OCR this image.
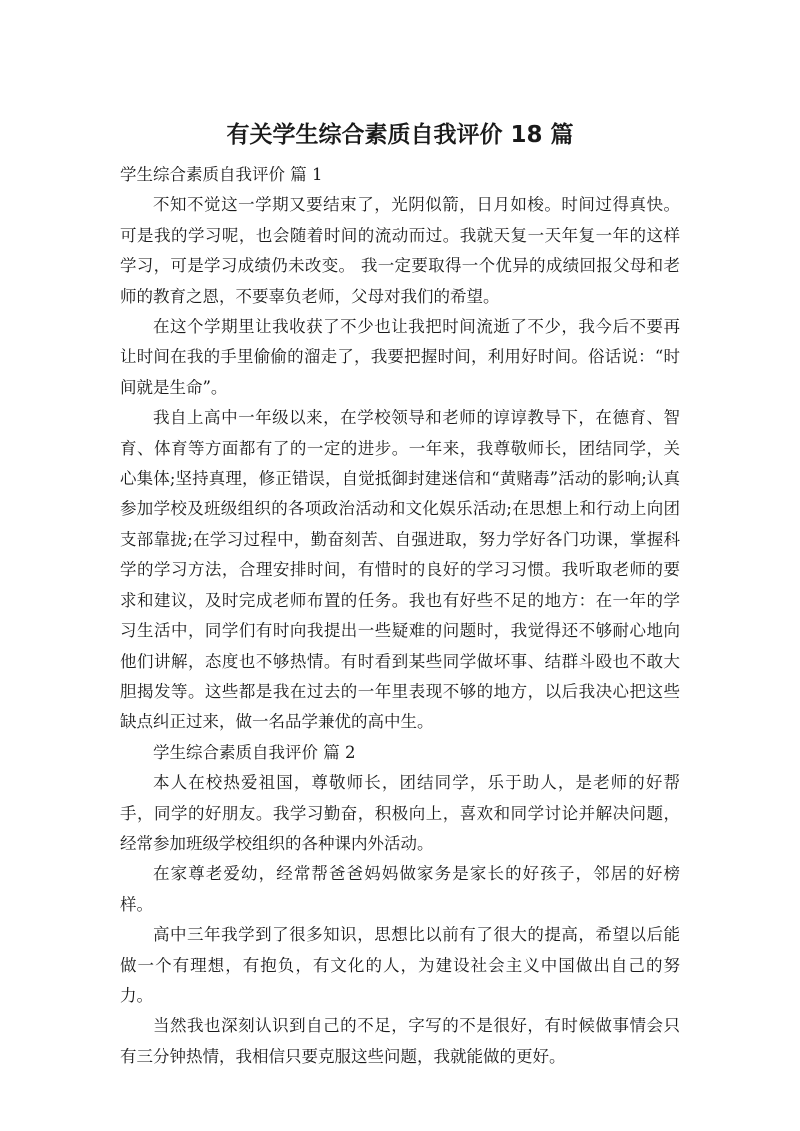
有关学生综合素质自我评价 18 篇

学生综合素质自我评价 篇 1

不知不觉这一学期又要结束了，光阴似箭，日月如梭。时间过得真快。可是我的学习呢，也会随着时间的流动而过。我就天复一天年复一年的这样学习，可是学习成绩仍未改变。 我一定要取得一个优异的成绩回报父母和老师的教育之恩，不要辜负老师，父母对我们的希望。

在这个学期里让我收获了不少也让我把时间流逝了不少，我今后不要再让时间在我的手里偷偷的溜走了，我要把握时间，利用好时间。俗话说：“时间就是生命”。

我自上高中一年级以来，在学校领导和老师的谆谆教导下，在德育、智育、体育等方面都有了的一定的进步。一年来，我尊敬师长，团结同学，关心集体;坚持真理，修正错误，自觉抵御封建迷信和“黄赌毒”活动的影响;认真参加学校及班级组织的各项政治活动和文化娱乐活动;在思想上和行动上向团支部靠拢;在学习过程中，勤奋刻苦、自强进取，努力学好各门功课，掌握科学的学习方法，合理安排时间，有惜时的良好的学习习惯。我听取老师的要求和建议，及时完成老师布置的任务。我也有好些不足的地方：在一年的学习生活中，同学们有时向我提出一些疑难的问题时，我觉得还不够耐心地向他们讲解，态度也不够热情。有时看到某些同学做坏事、结群斗殴也不敢大胆揭发等。这些都是我在过去的一年里表现不够的地方，以后我决心把这些缺点纠正过来，做一名品学兼优的高中生。

学生综合素质自我评价 篇 2

本人在校热爱祖国，尊敬师长，团结同学，乐于助人，是老师的好帮手，同学的好朋友。我学习勤奋，积极向上，喜欢和同学讨论并解决问题，经常参加班级学校组织的各种课内外活动。

在家尊老爱幼，经常帮爸爸妈妈做家务是家长的好孩子，邻居的好榜样。

高中三年我学到了很多知识，思想比以前有了很大的提高，希望以后能做一个有理想，有抱负，有文化的人，为建设社会主义中国做出自己的努力。

当然我也深刻认识到自己的不足，字写的不是很好，有时候做事情会只有三分钟热情，我相信只要克服这些问题，我就能做的更好。
